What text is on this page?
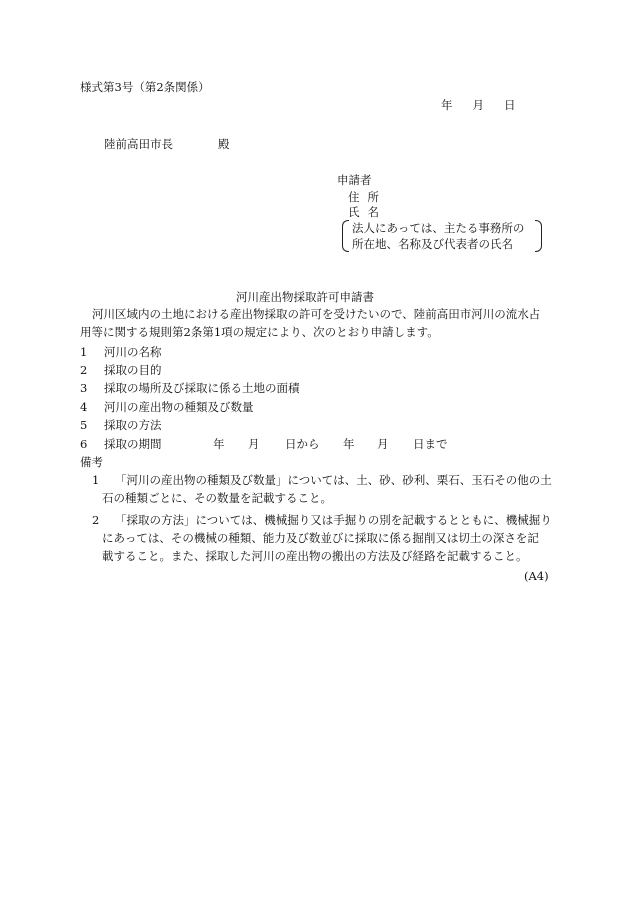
様式第3号（第2条関係）
年 月 日
陸前高田市長	殿
申請者
住所
氏名
法人にあっては、主たる事務所の
所在地、名称及び代表者の氏名
河川産出物採取許可申請書
河川区域内の土地における産出物採取の許可を受けたいので、陸前高田市河川の流水占
用等に関する規則第2条第1項の規定により、次のとおり申請します。
1 河川の名称
2 採取の目的
3 採取の場所及び採取に係る土地の面積
4 河川の産出物の種類及び数量
5 採取の方法
6 採取の期間	年 月 日から 年 月 日まで
備考
1 「河川の産出物の種類及び数量」については、土、砂、砂利、栗石、玉石その他の土
石の種類ごとに、その数量を記載すること。
2 「採取の方法」については、機械掘り又は手掘りの別を記載するとともに、機械掘り
にあっては、その機械の種類、能力及び数並びに採取に係る掘削又は切土の深さを記
載すること。また、採取した河川の産出物の搬出の方法及び経路を記載すること。
(A4)
